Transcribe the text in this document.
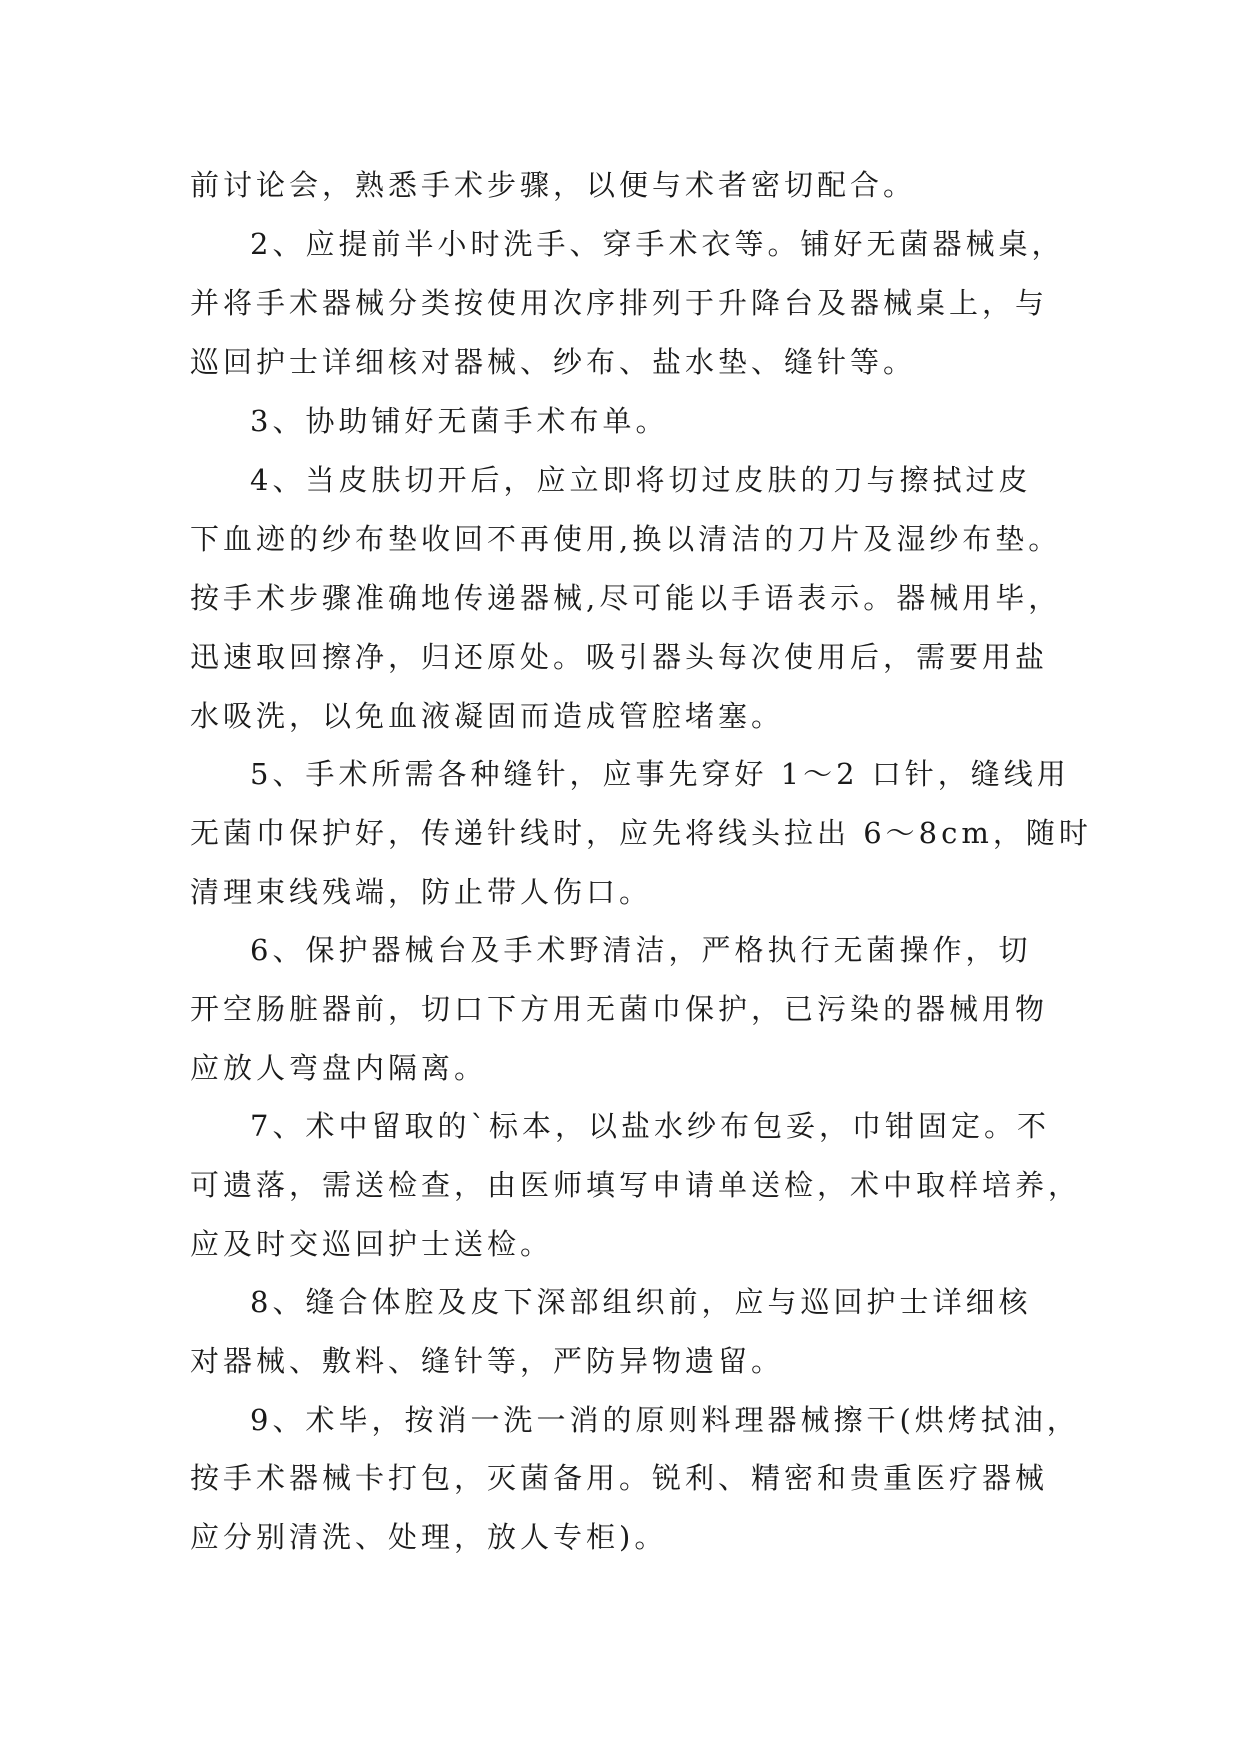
前讨论会，熟悉手术步骤，以便与术者密切配合。
2、应提前半小时洗手、穿手术衣等。铺好无菌器械桌，
并将手术器械分类按使用次序排列于升降台及器械桌上，与
巡回护士详细核对器械、纱布、盐水垫、缝针等。
3、协助铺好无菌手术布单。
4、当皮肤切开后，应立即将切过皮肤的刀与擦拭过皮
下血迹的纱布垫收回不再使用,换以清洁的刀片及湿纱布垫。
按手术步骤准确地传递器械,尽可能以手语表示。器械用毕，
迅速取回擦净，归还原处。吸引器头每次使用后，需要用盐
水吸洗，以免血液凝固而造成管腔堵塞。
5、手术所需各种缝针，应事先穿好 1～2 口针，缝线用
无菌巾保护好，传递针线时，应先将线头拉出 6～8cm，随时
清理束线残端，防止带人伤口。
6、保护器械台及手术野清洁，严格执行无菌操作，切
开空肠脏器前，切口下方用无菌巾保护，已污染的器械用物
应放人弯盘内隔离。
7、术中留取的`标本，以盐水纱布包妥，巾钳固定。不
可遗落，需送检查，由医师填写申请单送检，术中取样培养，
应及时交巡回护士送检。
8、缝合体腔及皮下深部组织前，应与巡回护士详细核
对器械、敷料、缝针等，严防异物遗留。
9、术毕，按消一洗一消的原则料理器械擦干(烘烤拭油，
按手术器械卡打包，灭菌备用。锐利、精密和贵重医疗器械
应分别清洗、处理，放人专柜)。
